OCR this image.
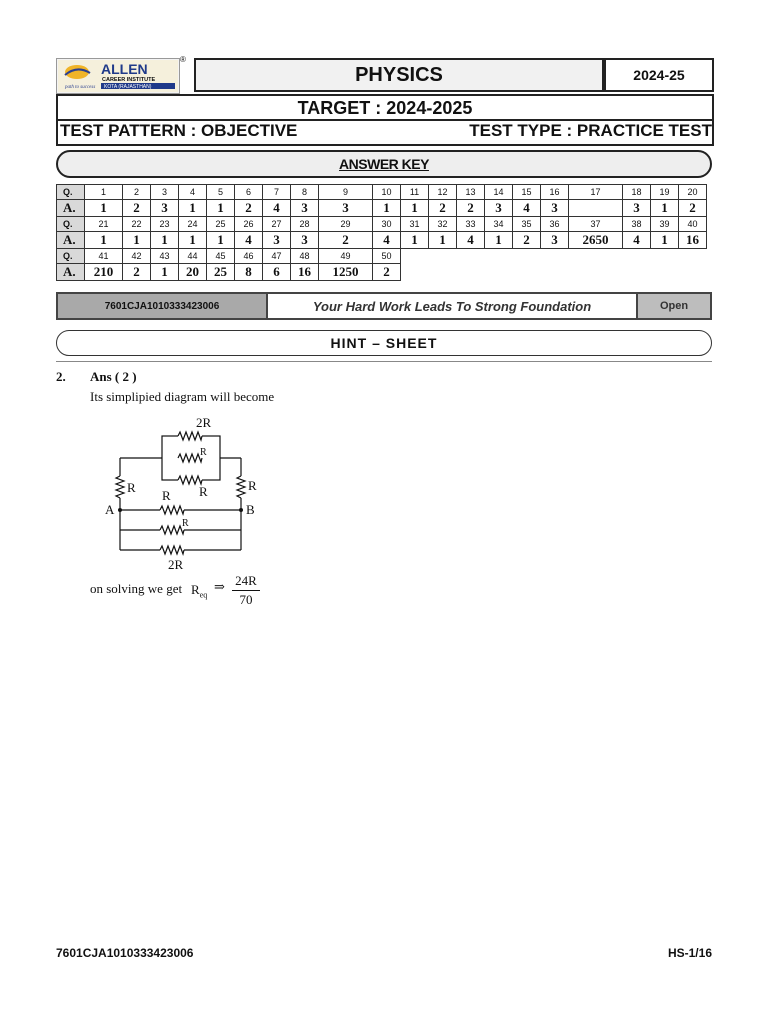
path to success
ALLEN
CAREER INSTITUTE
KOTA (RAJASTHAN)
®
PHYSICS	2024-25
TARGET : 2024-2025
TEST PATTERN : OBJECTIVE	TEST TYPE : PRACTICE TEST
ANSWER KEY
Q.	1	2	3	4	5	6	7	8	9	10	11	12	13	14	15	16	17	18	19	20
A.	1	2	3	1	1	2	4	3	3	1	1	2	2	3	4	3		3	1	2
Q.	21	22	23	24	25	26	27	28	29	30	31	32	33	34	35	36	37	38	39	40
A.	1	1	1	1	1	4	3	3	2	4	1	1	4	1	2	3	2650	4	1	16
Q.	41	42	43	44	45	46	47	48	49	50										
A.	210	2	1	20	25	8	6	16	1250	2										
7601CJA1010333423006	Your Hard Work Leads To Strong Foundation	Open
HINT – SHEET
2. Ans ( 2 )
Its simplipied diagram will become
2R
R
R	R
R R
R
2R
A	B
on solving we get $R_{eq}$
⇒ $\frac{24R}{70}$
7601CJA1010333423006	HS-1/16
